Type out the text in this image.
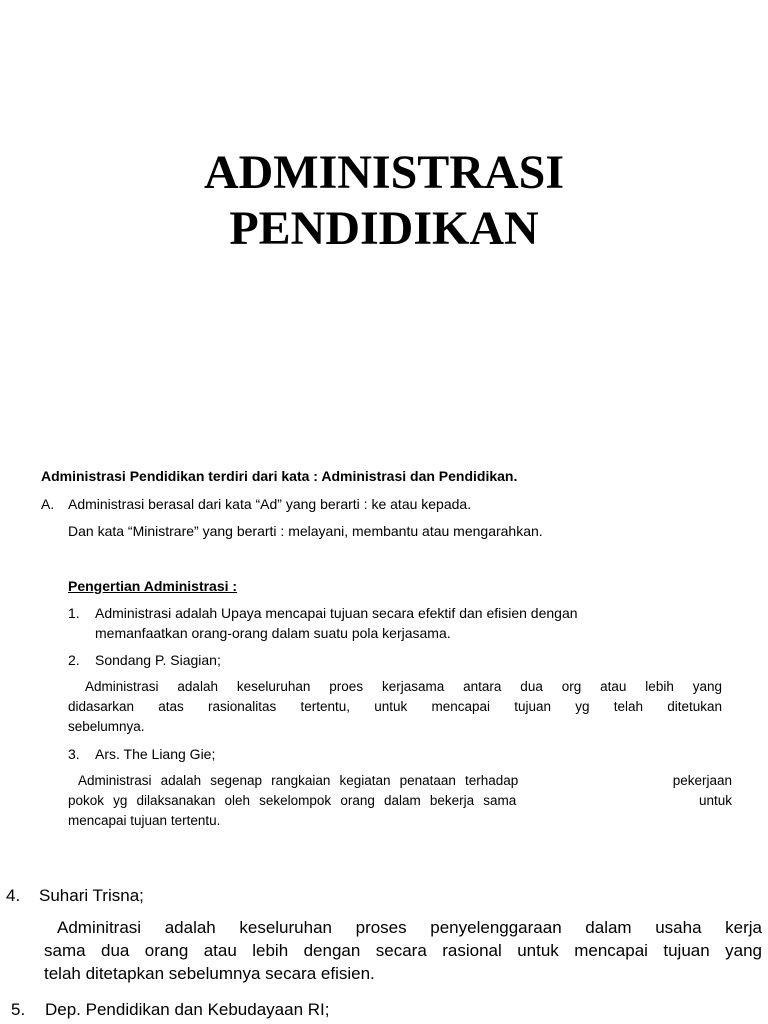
ADMINISTRASI
PENDIDIKAN

Administrasi Pendidikan terdiri dari kata : Administrasi dan Pendidikan.

A. Administrasi berasal dari kata “Ad” yang berarti : ke atau kepada.

Dan kata “Ministrare” yang berarti : melayani, membantu atau mengarahkan.

Pengertian Administrasi :

1. Administrasi adalah Upaya mencapai tujuan secara efektif dan efisien dengan

memanfaatkan orang-orang dalam suatu pola kerjasama.

2. Sondang P. Siagian;

Administrasi adalah keseluruhan proes kerjasama antara dua org atau lebih yang
didasarkan atas rasionalitas tertentu, untuk mencapai tujuan yg telah ditetukan
sebelumnya.

3. Ars. The Liang Gie;

Administrasi adalah segenap rangkaian kegiatan penataan terhadap                 pekerjaan
pokok yg dilaksanakan oleh sekelompok orang dalam bekerja sama                    untuk
mencapai tujuan tertentu.

4. Suhari Trisna;

Adminitrasi adalah keseluruhan proses penyelenggaraan dalam usaha kerja
sama dua orang atau lebih dengan secara rasional untuk mencapai tujuan yang
telah ditetapkan sebelumnya secara efisien.

5. Dep. Pendidikan dan Kebudayaan RI;
